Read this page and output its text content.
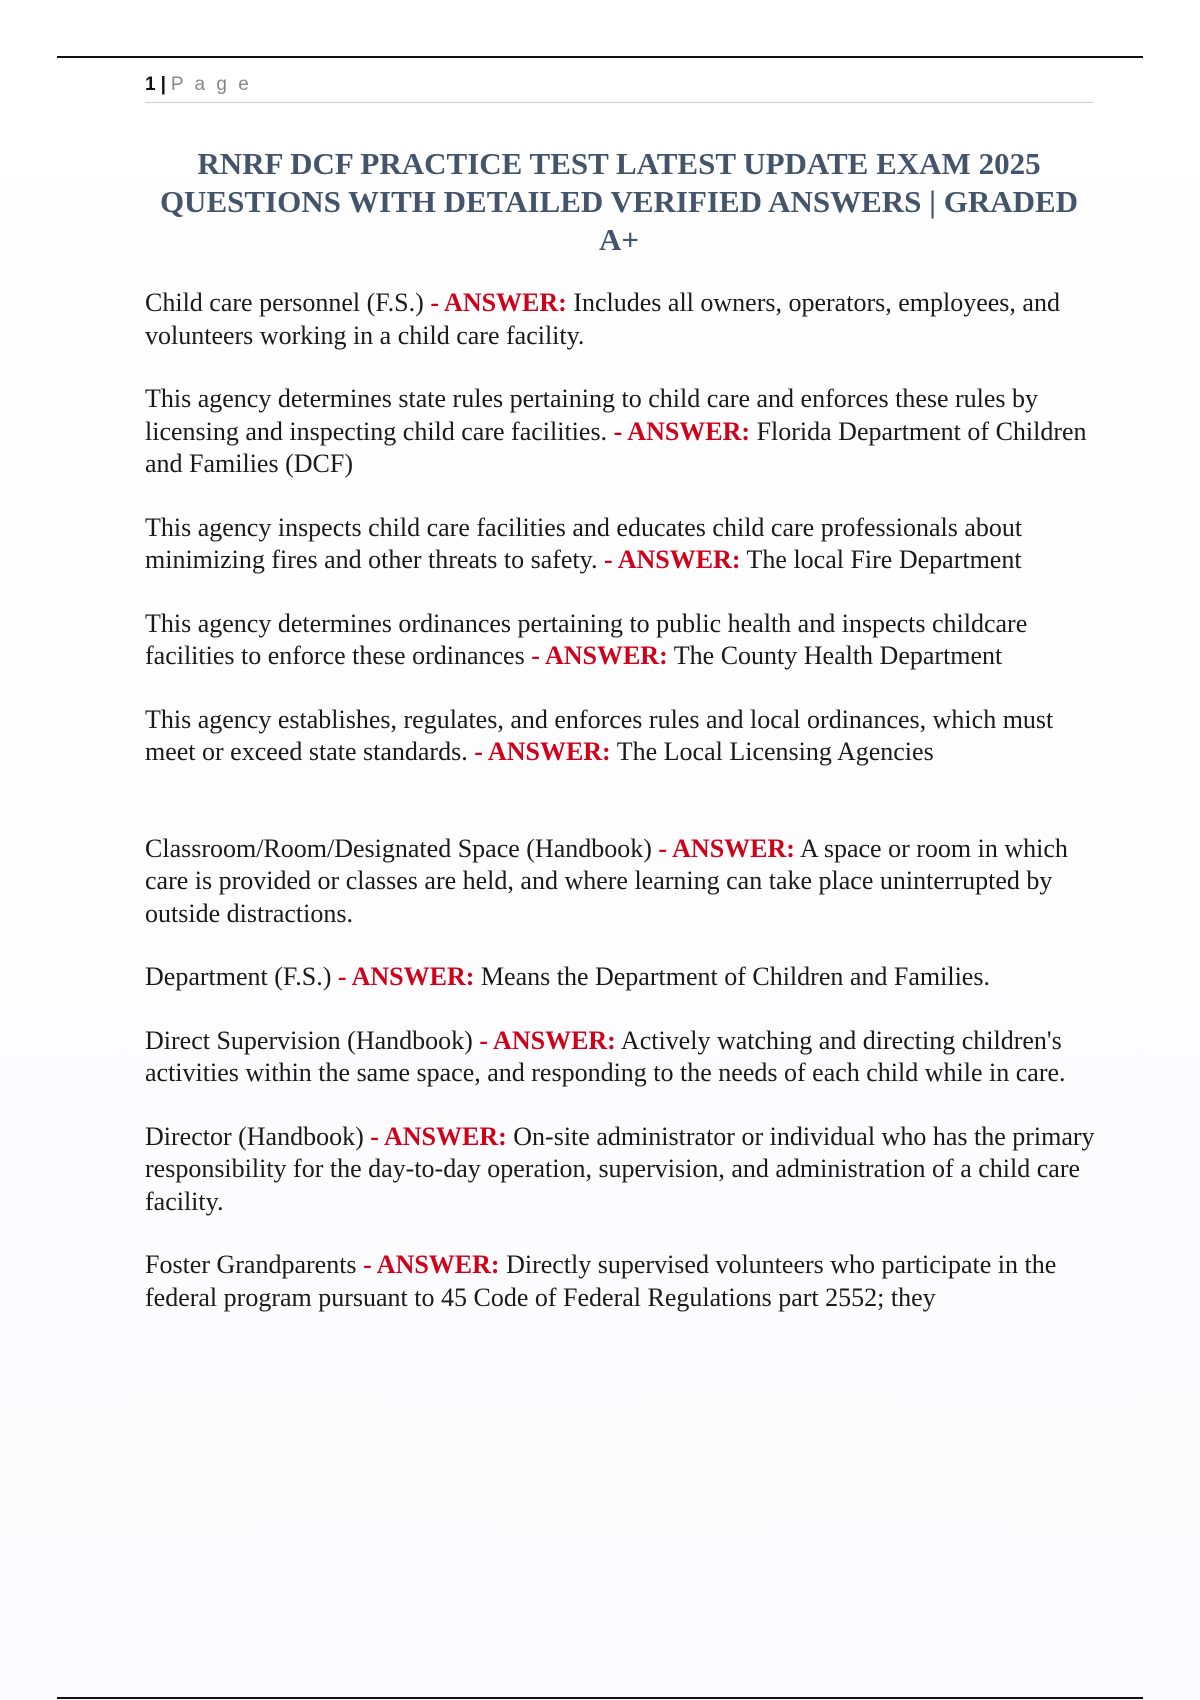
1 | P a g e
RNRF DCF PRACTICE TEST LATEST UPDATE EXAM 2025 QUESTIONS WITH DETAILED VERIFIED ANSWERS | GRADED A+

Child care personnel (F.S.) - ANSWER: Includes all owners, operators, employees, and volunteers working in a child care facility.

This agency determines state rules pertaining to child care and enforces these rules by licensing and inspecting child care facilities. - ANSWER: Florida Department of Children and Families (DCF)

This agency inspects child care facilities and educates child care professionals about minimizing fires and other threats to safety. - ANSWER: The local Fire Department

This agency determines ordinances pertaining to public health and inspects childcare facilities to enforce these ordinances - ANSWER: The County Health Department

This agency establishes, regulates, and enforces rules and local ordinances, which must meet or exceed state standards. - ANSWER: The Local Licensing Agencies

Classroom/Room/Designated Space (Handbook) - ANSWER: A space or room in which care is provided or classes are held, and where learning can take place uninterrupted by outside distractions.

Department (F.S.) - ANSWER: Means the Department of Children and Families.

Direct Supervision (Handbook) - ANSWER: Actively watching and directing children's activities within the same space, and responding to the needs of each child while in care.

Director (Handbook) - ANSWER: On-site administrator or individual who has the primary responsibility for the day-to-day operation, supervision, and administration of a child care facility.

Foster Grandparents - ANSWER: Directly supervised volunteers who participate in the federal program pursuant to 45 Code of Federal Regulations part 2552; they
